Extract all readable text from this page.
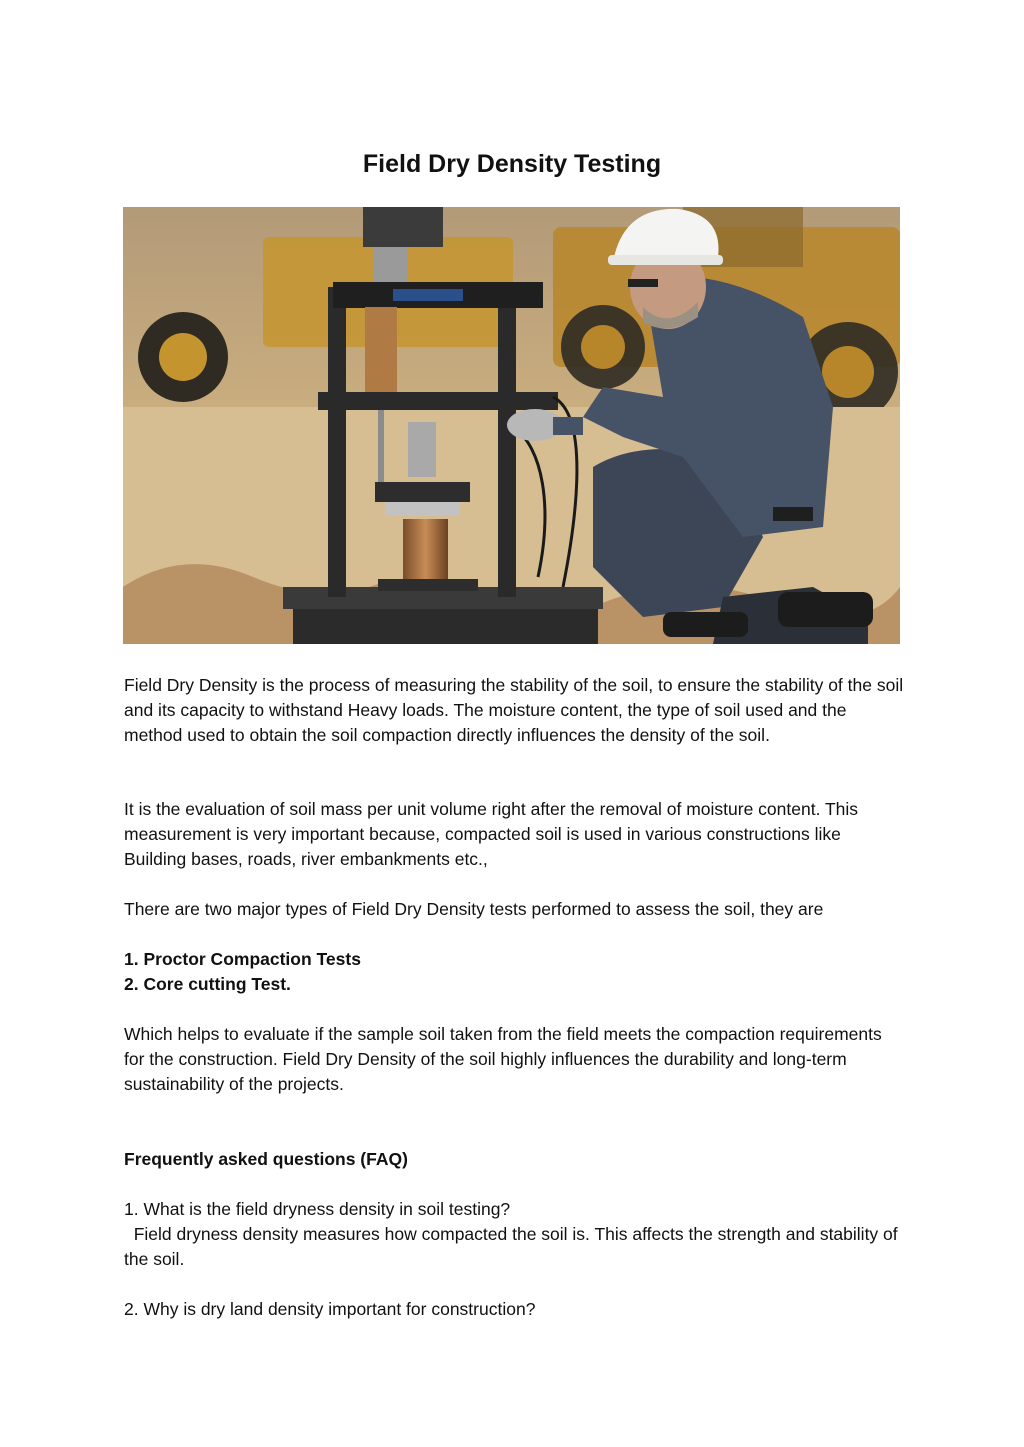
Field Dry Density Testing

Field Dry Density is the process of measuring the stability of the soil, to ensure the stability of the soil and its capacity to withstand Heavy loads. The moisture content, the type of soil used and the method used to obtain the soil compaction directly influences the density of the soil.

It is the evaluation of soil mass per unit volume right after the removal of moisture content. This measurement is very important because, compacted soil is used in various constructions like Building bases, roads, river embankments etc.,

There are two major types of Field Dry Density tests performed to assess the soil, they are

1. Proctor Compaction Tests
2. Core cutting Test.

Which helps to evaluate if the sample soil taken from the field meets the compaction requirements for the construction. Field Dry Density of the soil highly influences the durability and long-term sustainability of the projects.

Frequently asked questions (FAQ)
1. What is the field dryness density in soil testing?
Field dryness density measures how compacted the soil is. This affects the strength and stability of the soil.
2. Why is dry land density important for construction?
